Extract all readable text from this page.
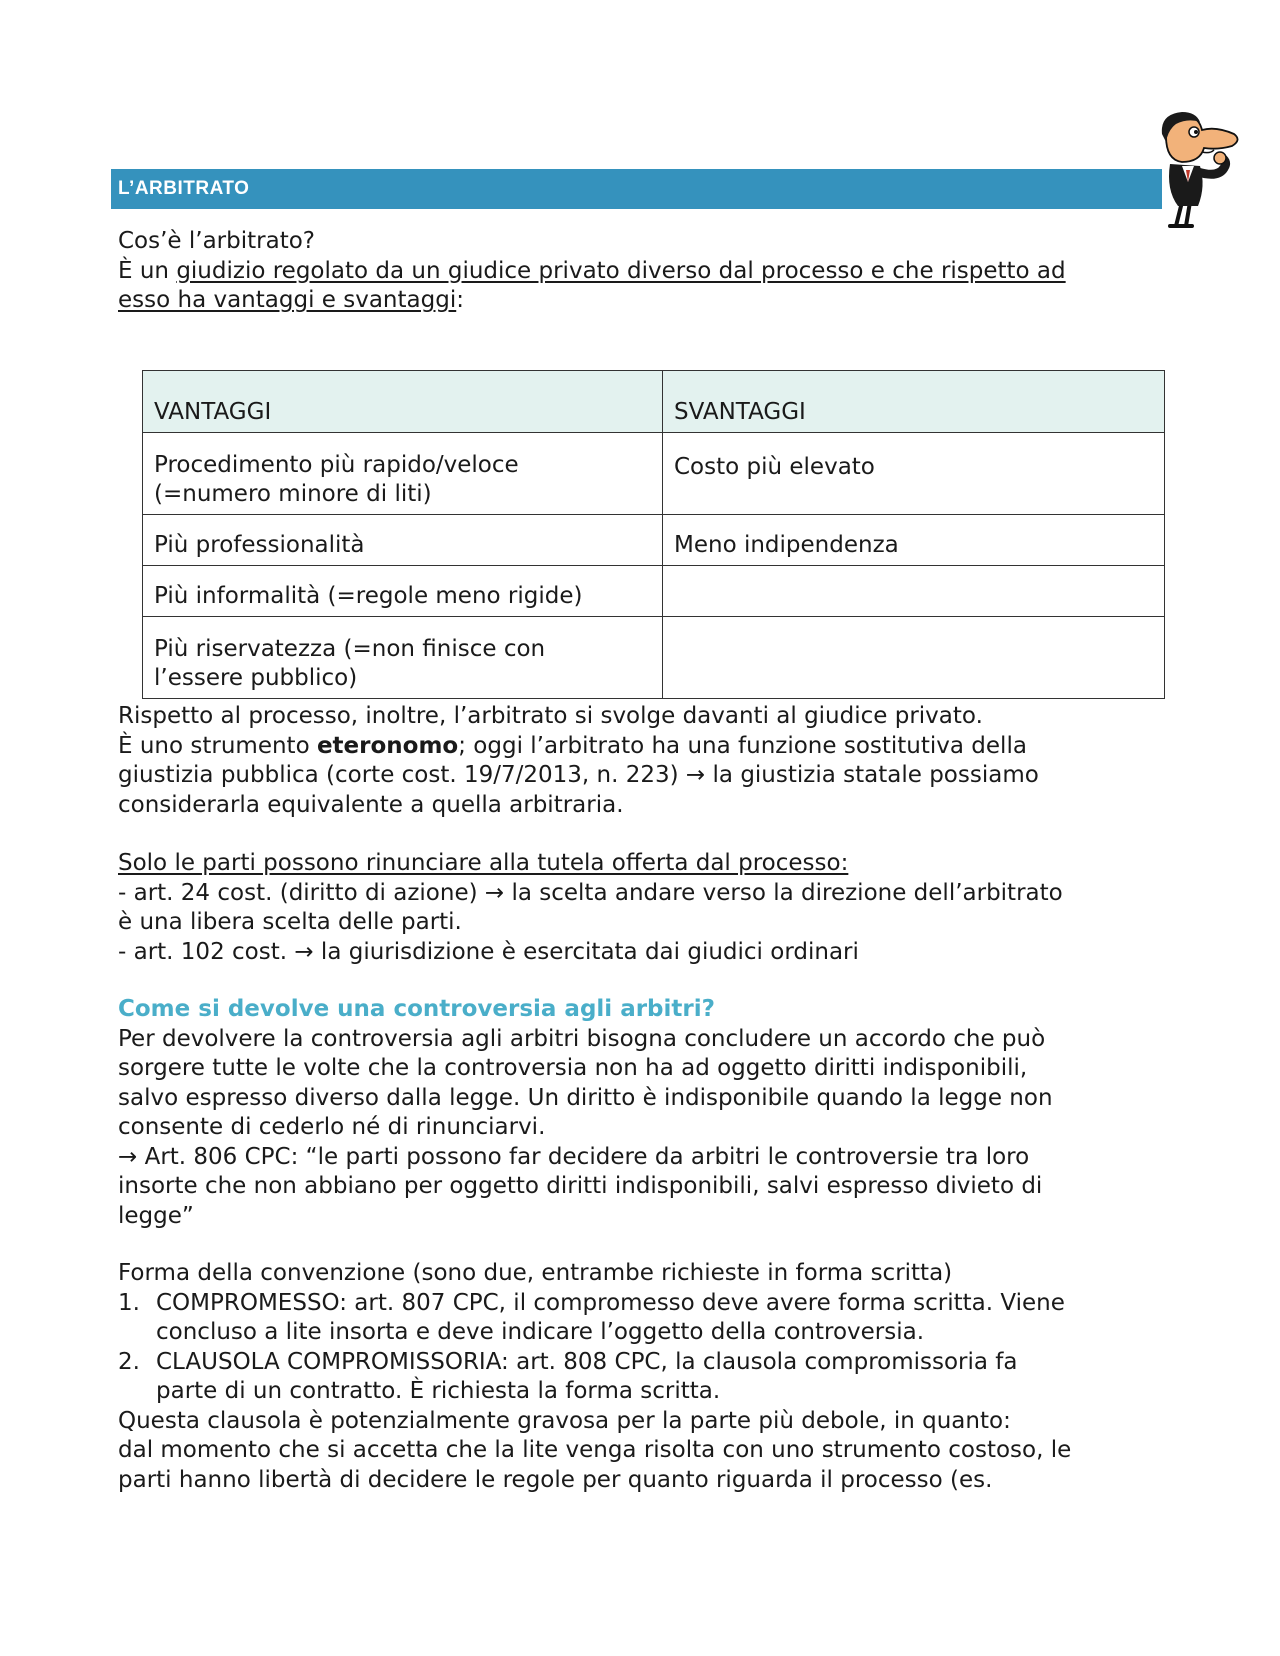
L’ARBITRATO
Cos’è l’arbitrato?
È un giudizio regolato da un giudice privato diverso dal processo e che rispetto ad
esso ha vantaggi e svantaggi:
VANTAGGI	SVANTAGGI

Procedimento più rapido/veloce
(=numero minore di liti)	Costo più elevato

Più professionalità	Meno indipendenza

Più informalità (=regole meno rigide)	

Più riservatezza (=non finisce con
l’essere pubblico)	

Rispetto al processo, inoltre, l’arbitrato si svolge davanti al giudice privato.
È uno strumento eteronomo; oggi l’arbitrato ha una funzione sostitutiva della
giustizia pubblica (corte cost. 19/7/2013, n. 223) → la giustizia statale possiamo
considerarla equivalente a quella arbitraria.
Solo le parti possono rinunciare alla tutela offerta dal processo:
- art. 24 cost. (diritto di azione) → la scelta andare verso la direzione dell’arbitrato
è una libera scelta delle parti.
- art. 102 cost. → la giurisdizione è esercitata dai giudici ordinari
Come si devolve una controversia agli arbitri?
Per devolvere la controversia agli arbitri bisogna concludere un accordo che può
sorgere tutte le volte che la controversia non ha ad oggetto diritti indisponibili,
salvo espresso diverso dalla legge. Un diritto è indisponibile quando la legge non
consente di cederlo né di rinunciarvi.
→ Art. 806 CPC: “le parti possono far decidere da arbitri le controversie tra loro
insorte che non abbiano per oggetto diritti indisponibili, salvi espresso divieto di
legge”
Forma della convenzione (sono due, entrambe richieste in forma scritta)
1. COMPROMESSO: art. 807 CPC, il compromesso deve avere forma scritta. Viene
concluso a lite insorta e deve indicare l’oggetto della controversia.
2. CLAUSOLA COMPROMISSORIA: art. 808 CPC, la clausola compromissoria fa
parte di un contratto. È richiesta la forma scritta.
Questa clausola è potenzialmente gravosa per la parte più debole, in quanto:
dal momento che si accetta che la lite venga risolta con uno strumento costoso, le
parti hanno libertà di decidere le regole per quanto riguarda il processo (es.
